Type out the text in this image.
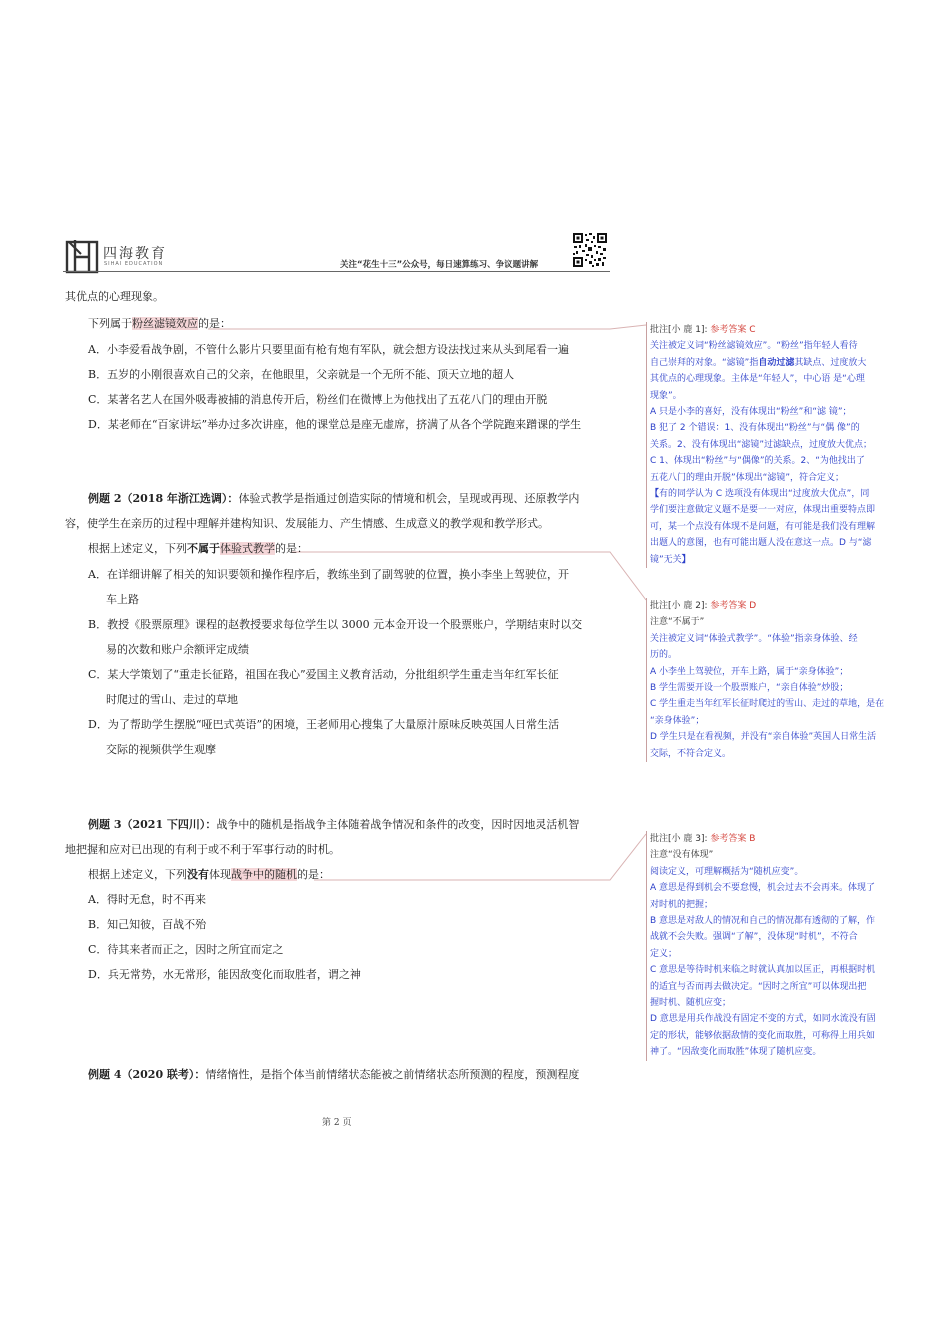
四海教育
SIHAI EDUCATION	关注“花生十三”公众号，每日速算练习、争议题讲解
其优点的心理现象。
下列属于粉丝滤镜效应的是：
A．小李爱看战争剧，不管什么影片只要里面有枪有炮有军队，就会想方设法找过来从头到尾看一遍
B．五岁的小刚很喜欢自己的父亲，在他眼里，父亲就是一个无所不能、顶天立地的超人
C．某著名艺人在国外吸毒被捕的消息传开后，粉丝们在微博上为他找出了五花八门的理由开脱
D．某老师在“百家讲坛”举办过多次讲座，他的课堂总是座无虚席，挤满了从各个学院跑来蹭课的学生
例题 2（2018 年浙江选调）：体验式教学是指通过创造实际的情境和机会，呈现或再现、还原教学内
容，使学生在亲历的过程中理解并建构知识、发展能力、产生情感、生成意义的教学观和教学形式。
根据上述定义，下列不属于体验式教学的是：
A．在详细讲解了相关的知识要领和操作程序后，教练坐到了副驾驶的位置，换小李坐上驾驶位，开
车上路
B．教授《股票原理》课程的赵教授要求每位学生以 3000 元本金开设一个股票账户，学期结束时以交
易的次数和账户余额评定成绩
C．某大学策划了“重走长征路，祖国在我心”爱国主义教育活动，分批组织学生重走当年红军长征
时爬过的雪山、走过的草地
D．为了帮助学生摆脱“哑巴式英语”的困境，王老师用心搜集了大量原汁原味反映英国人日常生活
交际的视频供学生观摩
例题 3（2021 下四川）：战争中的随机是指战争主体随着战争情况和条件的改变，因时因地灵活机智
地把握和应对已出现的有利于或不利于军事行动的时机。
根据上述定义，下列没有体现战争中的随机的是：
A．得时无怠，时不再来
B．知己知彼，百战不殆
C．待其来者而正之，因时之所宜而定之
D．兵无常势，水无常形，能因敌变化而取胜者，谓之神
例题 4（2020 联考）：情绪惰性，是指个体当前情绪状态能被之前情绪状态所预测的程度，预测程度
第 2 页
批注[小 鹿 1]: 参考答案 C
关注被定义词“粉丝滤镜效应”。“粉丝”指年轻人看待
自己崇拜的对象。“滤镜”指自动过滤其缺点、过度放大
其优点的心理现象。主体是“年轻人”，中心语 是“心理
现象”。
A 只是小李的喜好，没有体现出“粉丝”和“滤 镜”；
B 犯了 2 个错误：1、没有体现出“粉丝”与“偶 像”的
关系。2、没有体现出“滤镜”过滤缺点，过度放大优点；
C 1、体现出“粉丝”与“偶像”的关系。2、“为他找出了
五花八门的理由开脱”体现出“滤镜”，符合定义；
【有的同学认为 C 选项没有体现出“过度放大优点”，同
学们要注意做定义题不是要一一对应，体现出重要特点即
可，某一个点没有体现不是问题，有可能是我们没有理解
出题人的意图，也有可能出题人没在意这一点。D 与“滤
镜”无关】
批注[小 鹿 2]: 参考答案 D
注意“不属于”
关注被定义词“体验式教学”。“体验”指亲身体验、经
历的。
A 小李坐上驾驶位，开车上路，属于“亲身体验”；
B 学生需要开设一个股票账户，“亲自体验”炒股；
C 学生重走当年红军长征时爬过的雪山、走过的草地，是在
“亲身体验”；
D 学生只是在看视频，并没有“亲自体验”英国人日常生活
交际，不符合定义。
批注[小 鹿 3]: 参考答案 B
注意“没有体现”
阅读定义，可理解概括为“随机应变”。
A 意思是得到机会不要怠慢，机会过去不会再来。体现了
对时机的把握；
B 意思是对敌人的情况和自己的情况都有透彻的了解，作
战就不会失败。强调“了解”，没体现“时机”，不符合
定义；
C 意思是等待时机来临之时就认真加以匡正，再根据时机
的适宜与否而再去做决定。“因时之所宜”可以体现出把
握时机、随机应变；
D 意思是用兵作战没有固定不变的方式，如同水流没有固
定的形状，能够依据敌情的变化而取胜，可称得上用兵如
神了。“因敌变化而取胜”体现了随机应变。
